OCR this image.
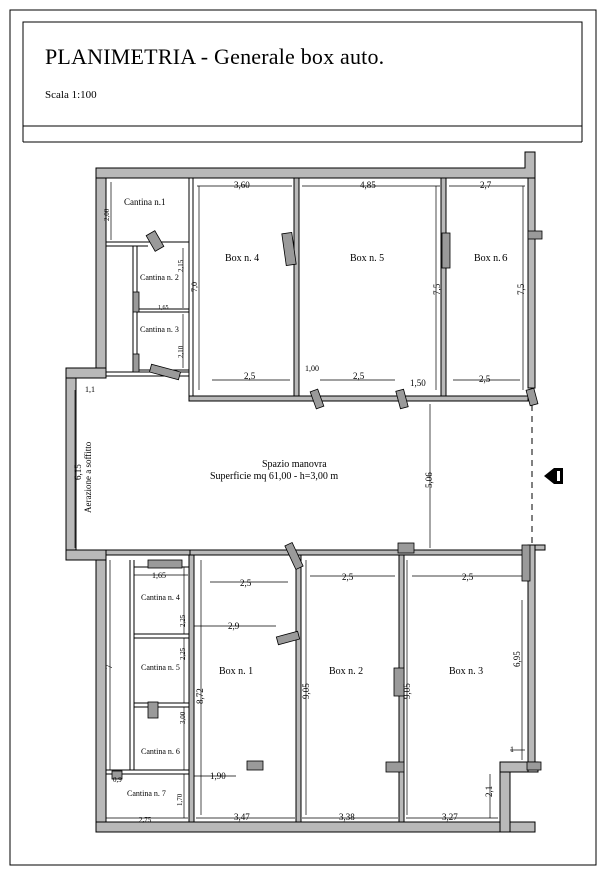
PLANIMETRIA - Generale box auto.
Scala 1:100
Cantina n.1
Cantina n. 2
Cantina n. 3
Cantina n. 4
Cantina n. 5
Cantina n. 6
Cantina n. 7
Box n. 4	Box n. 5	Box n. 6
Box n. 1	Box n. 2	Box n. 3
Spazio manovra
Superficie mq 61,00 - h=3,00 m
Aerazione a soffitto
3,60	4,85	2,7
7,0	7,5	7,5
2,5	2,5	2,5
1,00
1,50
2,00
2,15
1,65
2,10
1,1
6,15
5,06
1,65
2,25
2,25
3,00
7
0,9
1,70
2,75
2,5
2,5	2,5
2,9
8,72
1,90
9,05	9,05
6,95
1
2,1
3,47	3,38	3,27
